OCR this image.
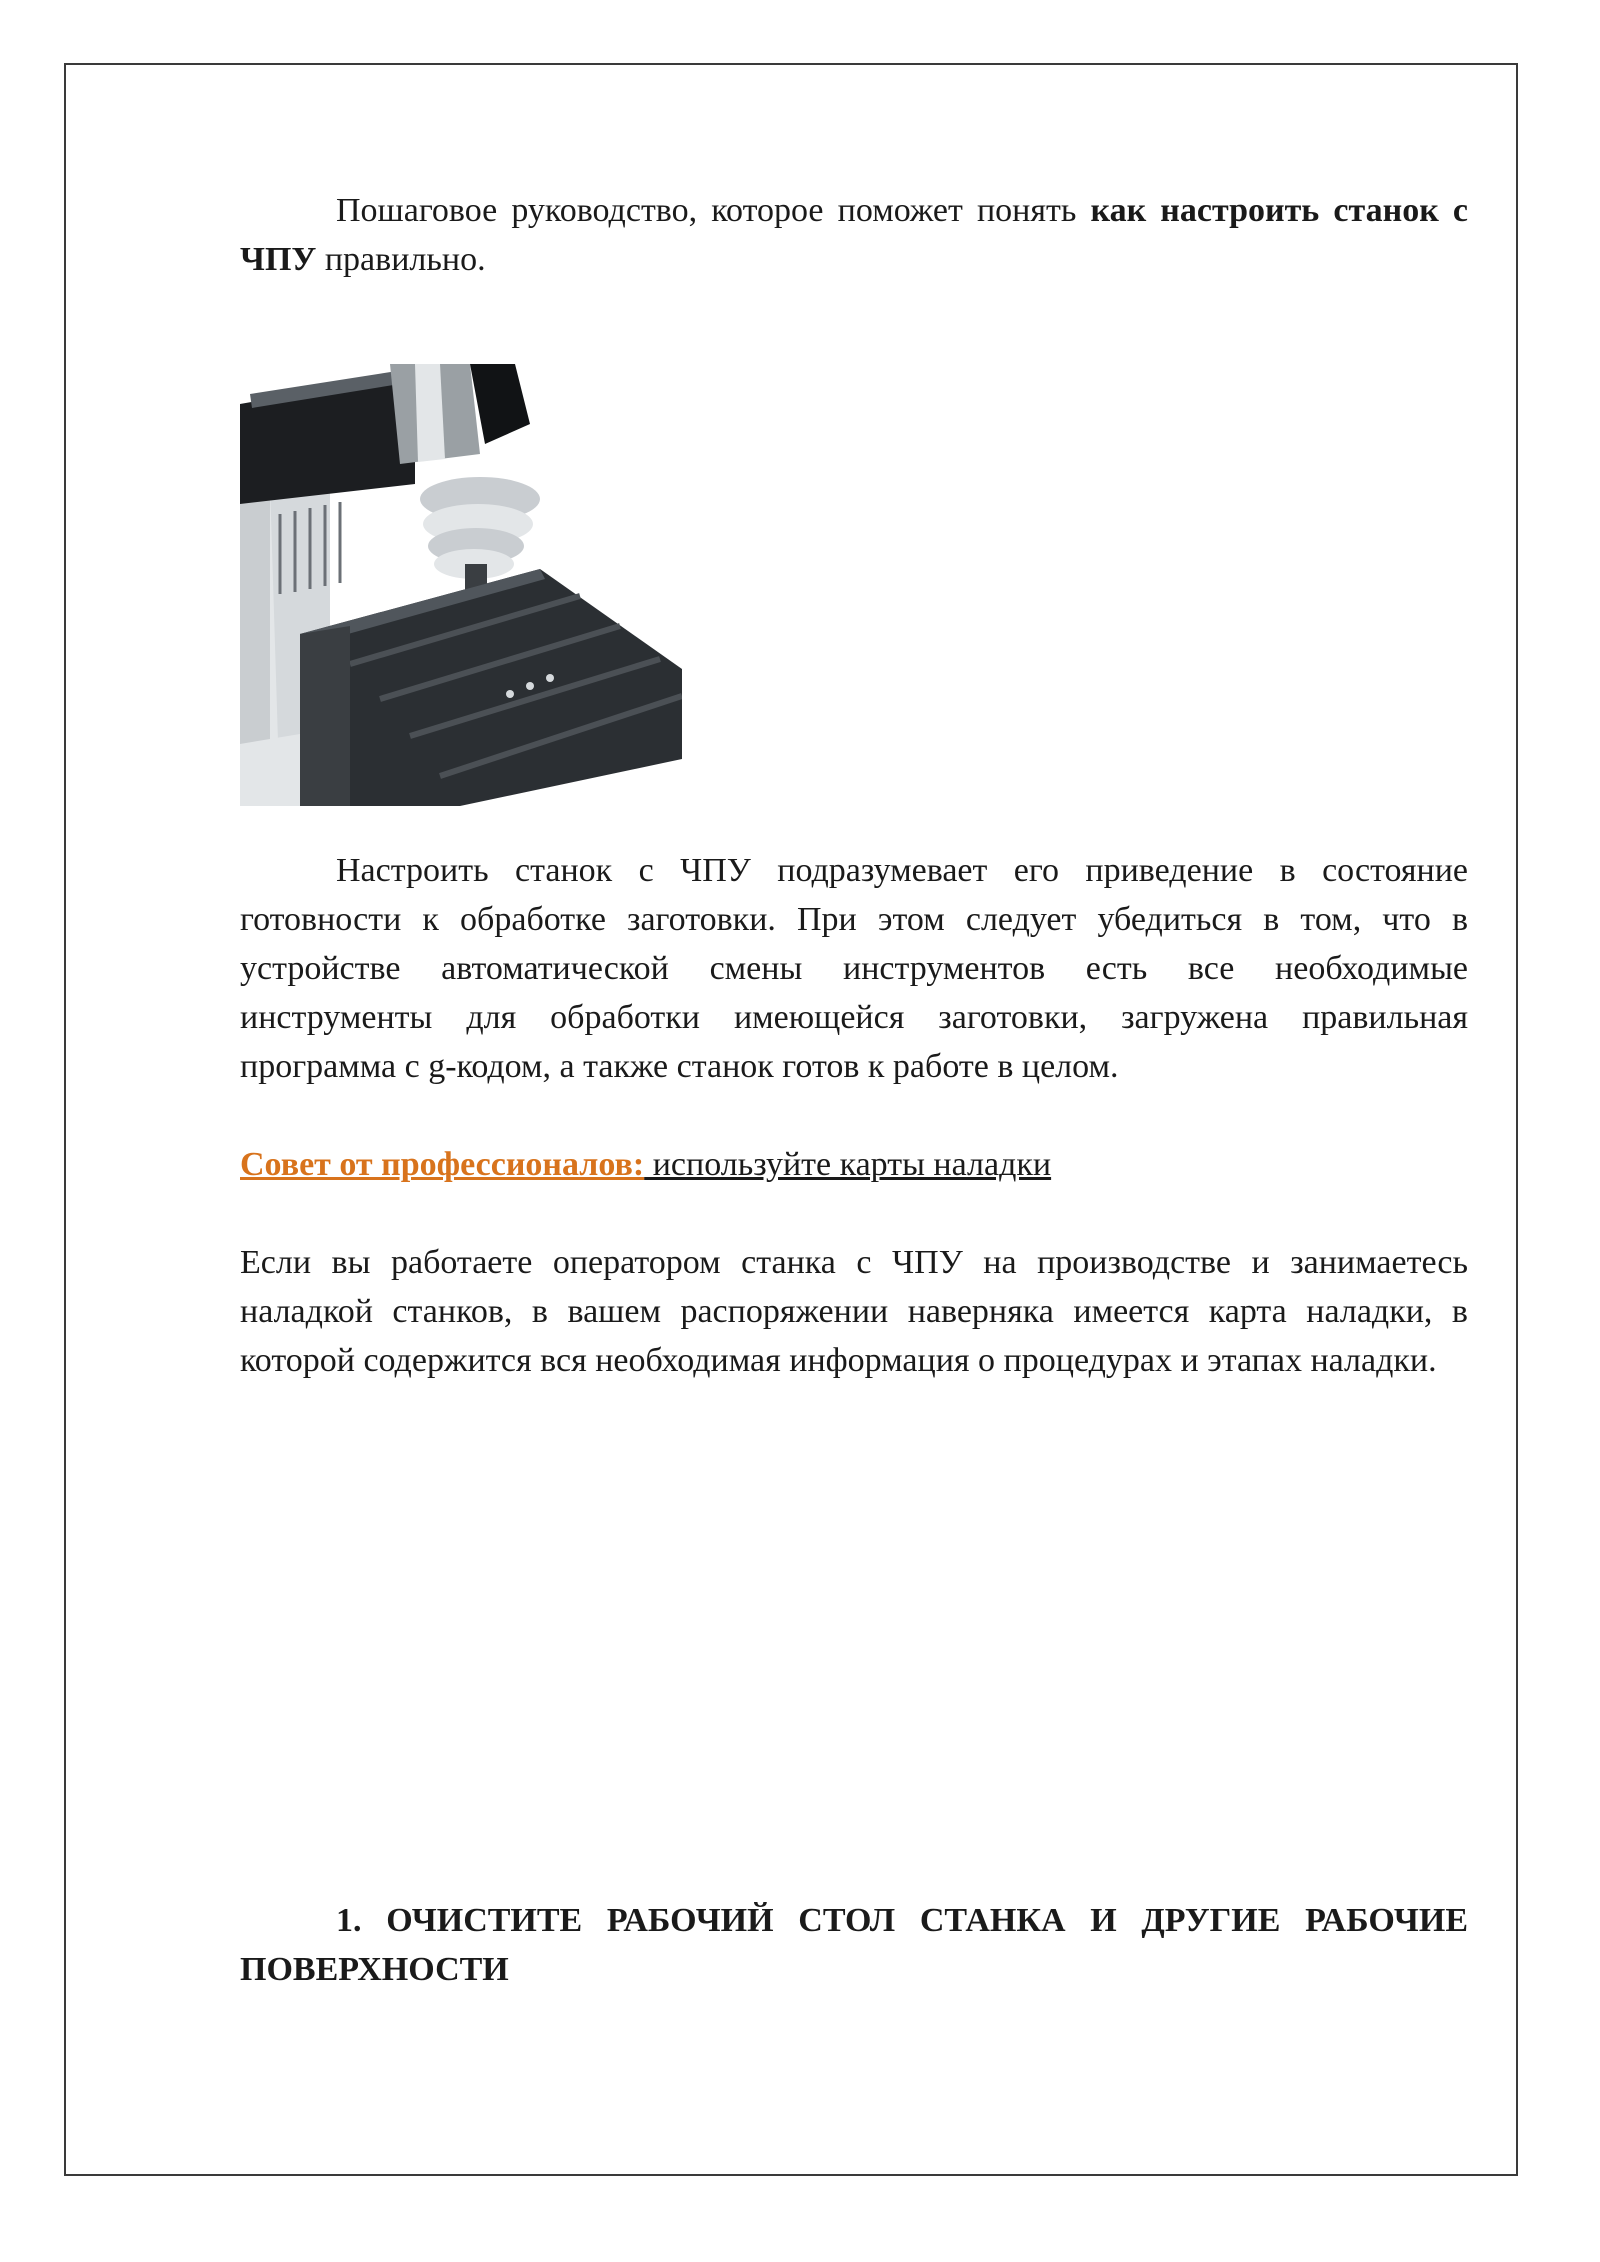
Пошаговое руководство, которое поможет понять как настроить станок с ЧПУ правильно.

Настроить станок с ЧПУ подразумевает его приведение в состояние готовности к обработке заготовки. При этом следует убедиться в том, что в устройстве автоматической смены инструментов есть все необходимые инструменты для обработки имеющейся заготовки, загружена правильная программа с g-кодом, а также станок готов к работе в целом.

Совет от профессионалов: используйте карты наладки

Если вы работаете оператором станка с ЧПУ на производстве и занимаетесь наладкой станков, в вашем распоряжении наверняка имеется карта наладки, в которой содержится вся необходимая информация о процедурах и этапах наладки.

1. ОЧИСТИТЕ РАБОЧИЙ СТОЛ СТАНКА И ДРУГИЕ РАБОЧИЕ ПОВЕРХНОСТИ
